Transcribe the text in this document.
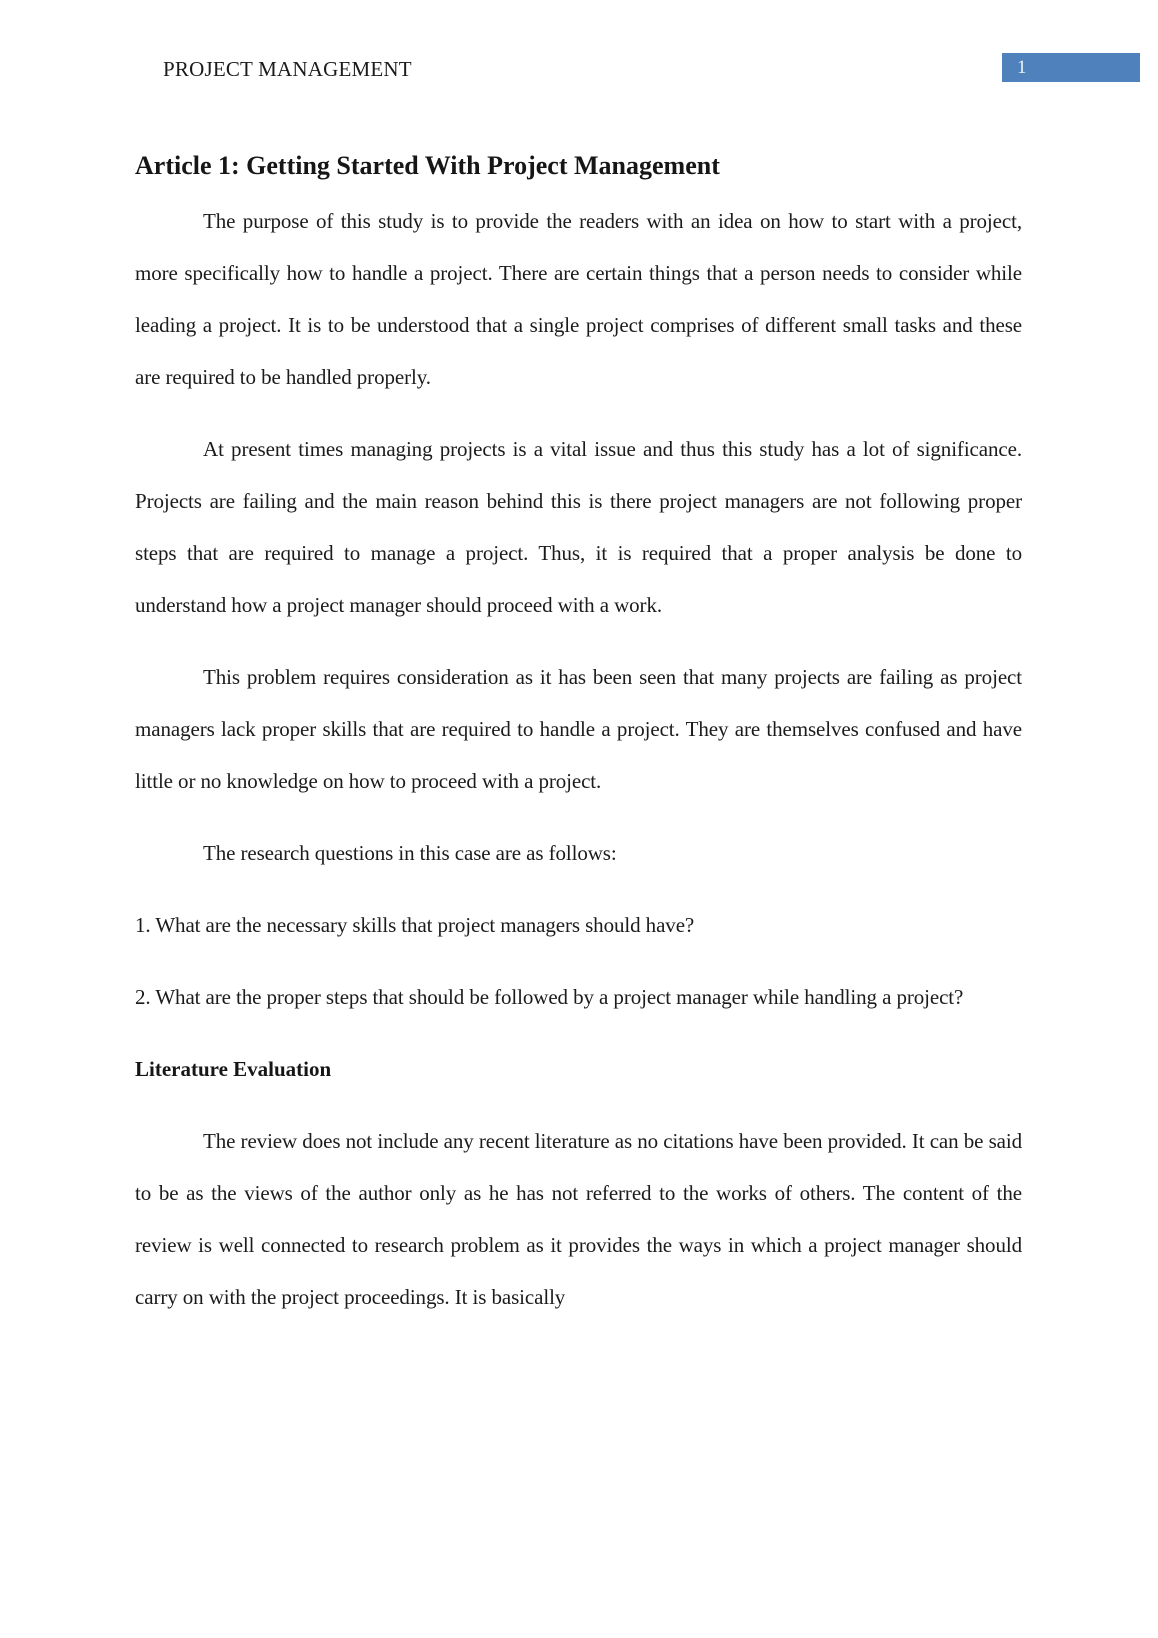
PROJECT MANAGEMENT	1
Article 1: Getting Started With Project Management

The purpose of this study is to provide the readers with an idea on how to start with a project, more specifically how to handle a project. There are certain things that a person needs to consider while leading a project. It is to be understood that a single project comprises of different small tasks and these are required to be handled properly.

At present times managing projects is a vital issue and thus this study has a lot of significance. Projects are failing and the main reason behind this is there project managers are not following proper steps that are required to manage a project. Thus, it is required that a proper analysis be done to understand how a project manager should proceed with a work.

This problem requires consideration as it has been seen that many projects are failing as project managers lack proper skills that are required to handle a project. They are themselves confused and have little or no knowledge on how to proceed with a project.

The research questions in this case are as follows:

1. What are the necessary skills that project managers should have?

2. What are the proper steps that should be followed by a project manager while handling a project?

Literature Evaluation

The review does not include any recent literature as no citations have been provided. It can be said to be as the views of the author only as he has not referred to the works of others. The content of the review is well connected to research problem as it provides the ways in which a project manager should carry on with the project proceedings. It is basically
